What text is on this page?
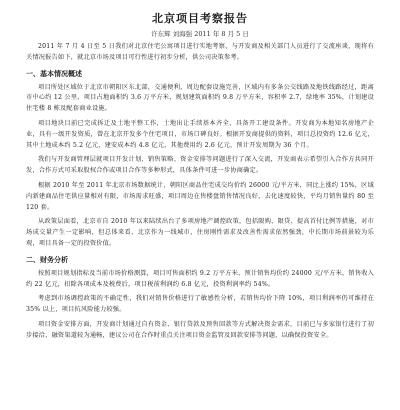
北京项目考察报告
许东辉 刘海强 2011 年 8 月 5 日

2011 年 7 月 4 日至 5 日我们对北京住宅公寓项目进行实地考察，与开发商及相关部门人员进行了交流座谈，现将有关情况报告如下，就北京市场及项目可行性进行初步分析，供公司决策参考。

一、基本情况概述

项目所处区域位于北京市朝阳区东北部，交通便利，周边配套设施完善，区域内有多条公交线路及地铁线路经过，距离市中心约 12 公里，项目占地面积约 3.6 万平方米，规划建筑面积约 9.8 万平方米，容积率 2.7，绿地率 35%，计划建设住宅楼 8 栋及配套商业设施。

项目地块目前已完成拆迁及土地平整工作，土地出让手续基本齐全，具备开工建设条件。开发商为本地知名房地产企业，具有一级开发资质，曾在北京开发多个住宅项目，市场口碑良好。根据开发商提供的资料，项目总投资约 12.6 亿元，其中土地成本约 5.2 亿元，建安成本约 4.8 亿元，其他费用约 2.6 亿元，预计开发周期为 36 个月。

我们与开发商管理层就项目开发计划、销售策略、资金安排等问题进行了深入交流，开发商表示希望引入合作方共同开发，合作方式可采取股权合作或项目合作等多种形式，具体条件可进一步协商确定。

根据 2010 年至 2011 年北京市场数据统计，朝阳区商品住宅成交均价约 26000 元/平方米，同比上涨约 15%，区域内新建商品住宅供应量相对有限，市场需求旺盛，项目周边在售楼盘销售情况良好，去化速度较快，平均月销售量约 80 至 120 套。

从政策层面看，北京市自 2010 年以来陆续出台了多项房地产调控政策，包括限购、限贷、提高首付比例等措施，对市场成交量产生一定影响，但总体来看，北京作为一线城市，住房刚性需求及改善性需求依然强劲，中长期市场前景较为乐观，项目具备一定的投资价值。

二、财务分析

按照项目规划指标及当前市场价格测算，项目可售面积约 9.2 万平方米，预计销售均价约 24000 元/平方米，销售收入约 22 亿元，扣除各项成本及税费后，项目税前利润约 6.8 亿元，投资利润率约 54%。

考虑到市场调控政策的不确定性，我们对销售价格进行了敏感性分析，若销售均价下降 10%，项目利润率仍可维持在 35% 以上，项目抗风险能力较强。

项目资金安排方面，开发商计划通过自有资金、银行贷款及预售回款等方式解决资金需求，目前已与多家银行进行了初步接洽，融资渠道较为通畅，建议公司在合作时重点关注项目资金监管及回款安排等问题，以确保投资安全。
